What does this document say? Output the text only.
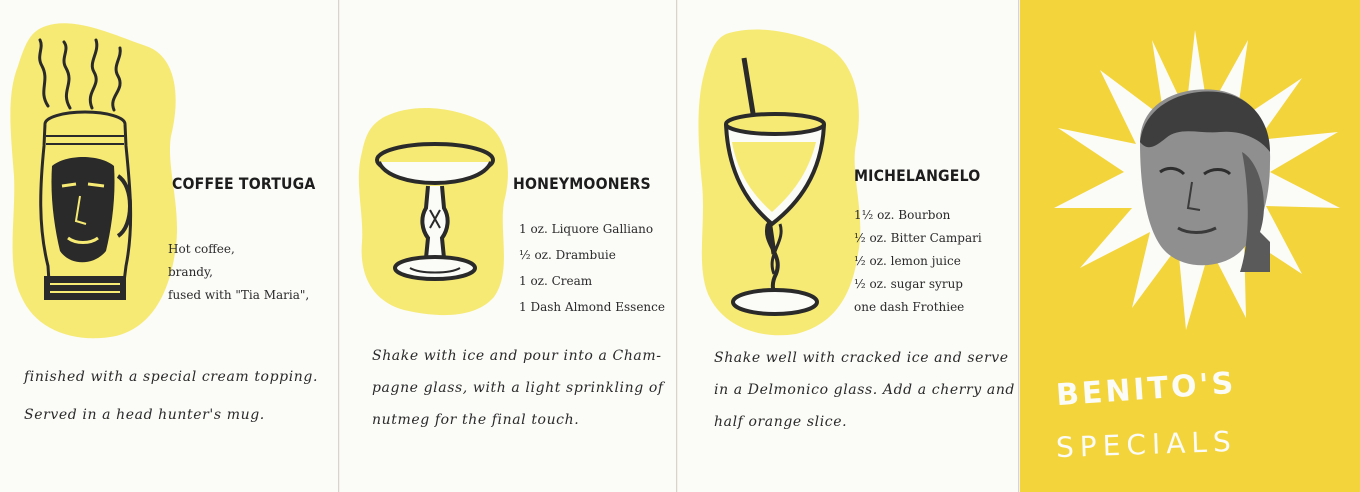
COFFEE TORTUGA
Hot coffee,
brandy,
fused with "Tia Maria",
finished with a special cream topping.
Served in a head hunter's mug.
HONEYMOONERS
1 oz. Liquore Galliano
½ oz. Drambuie
1 oz. Cream
1 Dash Almond Essence
Shake with ice and pour into a Cham-
pagne glass, with a light sprinkling of
nutmeg for the final touch.
MICHELANGELO
1½ oz. Bourbon
½ oz. Bitter Campari
½ oz. lemon juice
½ oz. sugar syrup
one dash Frothiee
Shake well with cracked ice and serve
in a Delmonico glass. Add a cherry and
half orange slice.
BENITO'S
SPECIALS
